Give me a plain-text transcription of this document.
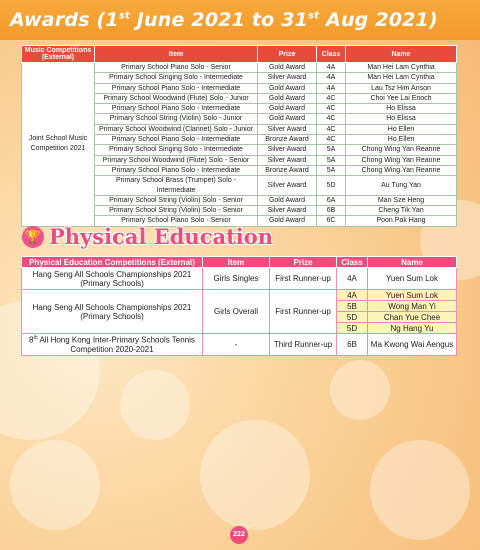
Awards (1st June 2021 to 31st Aug 2021)
Music Competitions (External)	Item	Prize	Class	Name
Joint School Music Competition 2021	Primary School Piano Solo - Senior	Gold Award	4A	Man Hei Lam Cynthia
	Primary School Singing Solo - Intermediate	Silver Award	4A	Man Hei Lam Cynthia
	Primary School Piano Solo - Intermediate	Gold Award	4A	Lau Tsz Him Anson
	Primary School Woodwind (Flute) Solo - Junior	Gold Award	4C	Choi Yee Lai Enoch
	Primary School Piano Solo - Intermediate	Gold Award	4C	Ho Elissa
	Primary School String (Violin) Solo - Junior	Gold Award	4C	Ho Elissa
	Primary School Woodwind (Clarinet) Solo - Junior	Silver Award	4C	Ho Ellen
	Primary School Piano Solo - Intermediate	Bronze Award	4C	Ho Ellen
	Primary School Singing Solo - Intermediate	Silver Award	5A	Chong Wing Yan Reanne
	Primary School Woodwind (Flute) Solo - Senior	Silver Award	5A	Chong Wing Yan Reanne
	Primary School Piano Solo - Intermediate	Bronze Award	5A	Chong Wing Yan Reanne
	Primary School Brass (Trumpet) Solo - Intermediate	Silver Award	5D	Au Tung Yan
	Primary School String (Violin) Solo - Senior	Gold Award	6A	Man Sze Heng
	Primary School String (Violin) Solo - Senior	Silver Award	6B	Cheng Tik Yan
	Primary School Piano Solo - Senior	Gold Award	6C	Poon Pak Hang
🏆 Physical Education
Physical Education Competitions (External)	Item	Prize	Class	Name
Hang Seng All Schools Championships 2021 (Primary Schools)	Girls Singles	First Runner-up	4A	Yuen Sum Lok
Hang Seng All Schools Championships 2021 (Primary Schools)	Girls Overall	First Runner-up	4A	Yuen Sum Lok
			5B	Wong Man Yi
			5D	Chan Yue Chee
			5D	Ng Hang Yu
8th All Hong Kong Inter-Primary Schools Tennis Competition 2020-2021	-	Third Runner-up	6B	Ma Kwong Wai Aengus
222
